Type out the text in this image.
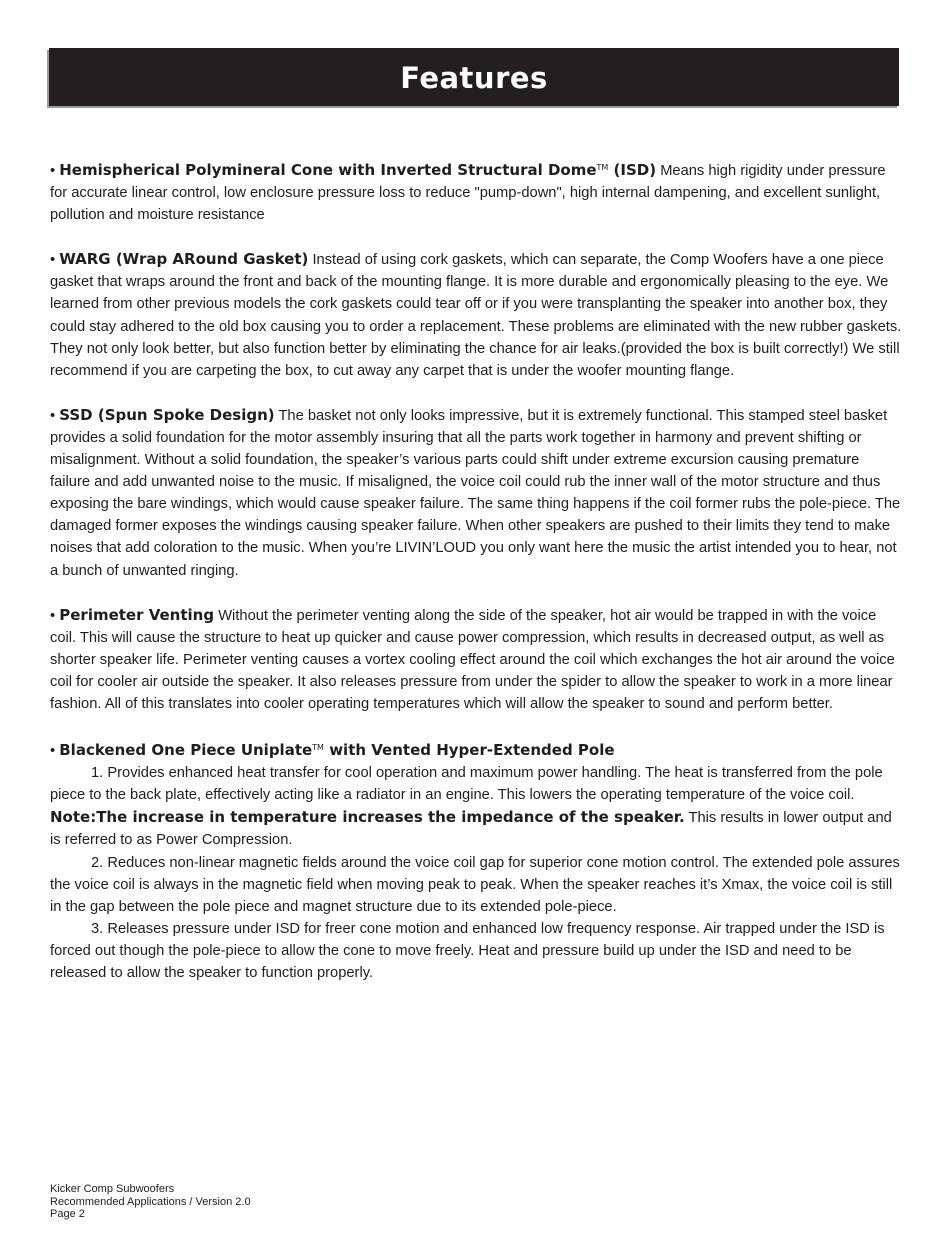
Features

• Hemispherical Polymineral Cone with Inverted Structural Dome™ (ISD) Means high rigidity under pressure for accurate linear control, low enclosure pressure loss to reduce "pump-down", high internal dampening, and excellent sunlight, pollution and moisture resistance

• WARG (Wrap ARound Gasket) Instead of using cork gaskets, which can separate, the Comp Woofers have a one piece gasket that wraps around the front and back of the mounting flange. It is more durable and ergonomically pleasing to the eye. We learned from other previous models the cork gaskets could tear off or if you were transplanting the speaker into another box, they could stay adhered to the old box causing you to order a replacement. These problems are eliminated with the new rubber gaskets. They not only look better, but also function better by eliminating the chance for air leaks.(provided the box is built correctly!) We still recommend if you are carpeting the box, to cut away any carpet that is under the woofer mounting flange.

• SSD (Spun Spoke Design) The basket not only looks impressive, but it is extremely functional. This stamped steel basket provides a solid foundation for the motor assembly insuring that all the parts work together in harmony and prevent shifting or misalignment. Without a solid foundation, the speaker’s various parts could shift under extreme excursion causing premature failure and add unwanted noise to the music. If misaligned, the voice coil could rub the inner wall of the motor structure and thus exposing the bare windings, which would cause speaker failure. The same thing happens if the coil former rubs the pole-piece. The damaged former exposes the windings causing speaker failure. When other speakers are pushed to their limits they tend to make noises that add coloration to the music. When you’re LIVIN’LOUD you only want here the music the artist intended you to hear, not a bunch of unwanted ringing.

• Perimeter Venting Without the perimeter venting along the side of the speaker, hot air would be trapped in with the voice coil. This will cause the structure to heat up quicker and cause power compression, which results in decreased output, as well as shorter speaker life. Perimeter venting causes a vortex cooling effect around the coil which exchanges the hot air around the voice coil for cooler air outside the speaker. It also releases pressure from under the spider to allow the speaker to work in a more linear fashion. All of this translates into cooler operating temperatures which will allow the speaker to sound and perform better.

• Blackened One Piece Uniplate™ with Vented Hyper-Extended Pole
1. Provides enhanced heat transfer for cool operation and maximum power handling. The heat is transferred from the pole piece to the back plate, effectively acting like a radiator in an engine. This lowers the operating temperature of the voice coil. Note:The increase in temperature increases the impedance of the speaker. This results in lower output and is referred to as Power Compression.
2. Reduces non-linear magnetic fields around the voice coil gap for superior cone motion control. The extended pole assures the voice coil is always in the magnetic field when moving peak to peak. When the speaker reaches it’s Xmax, the voice coil is still in the gap between the pole piece and magnet structure due to its extended pole-piece.
3. Releases pressure under ISD for freer cone motion and enhanced low frequency response. Air trapped under the ISD is forced out though the pole-piece to allow the cone to move freely. Heat and pressure build up under the ISD and need to be released to allow the speaker to function properly.
Kicker Comp Subwoofers
Recommended Applications / Version 2.0
Page 2
